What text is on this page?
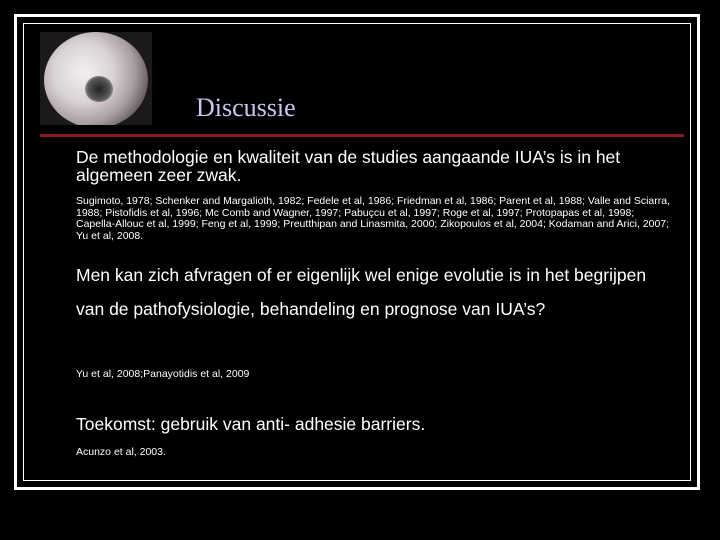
Discussie

De methodologie en kwaliteit van de studies aangaande IUA’s is in het algemeen zeer zwak.

Sugimoto, 1978; Schenker and Margalioth, 1982; Fedele et al, 1986; Friedman et al, 1986; Parent et al, 1988; Valle and Sciarra, 1988; Pistofidis et al, 1996; Mc Comb and Wagner, 1997; Pabuçcu et al, 1997; Roge et al, 1997; Protopapas et al, 1998; Capella-Allouc et al, 1999; Feng et al, 1999; Preutthipan and Linasmita, 2000; Zikopoulos et al, 2004; Kodaman and Arici, 2007; Yu et al, 2008.

Men kan zich afvragen of er eigenlijk wel enige evolutie is in het begrijpen van de pathofysiologie, behandeling en prognose van IUA’s?

Yu et al, 2008;Panayotidis et al, 2009

Toekomst: gebruik van anti- adhesie barriers.

Acunzo et al, 2003.
